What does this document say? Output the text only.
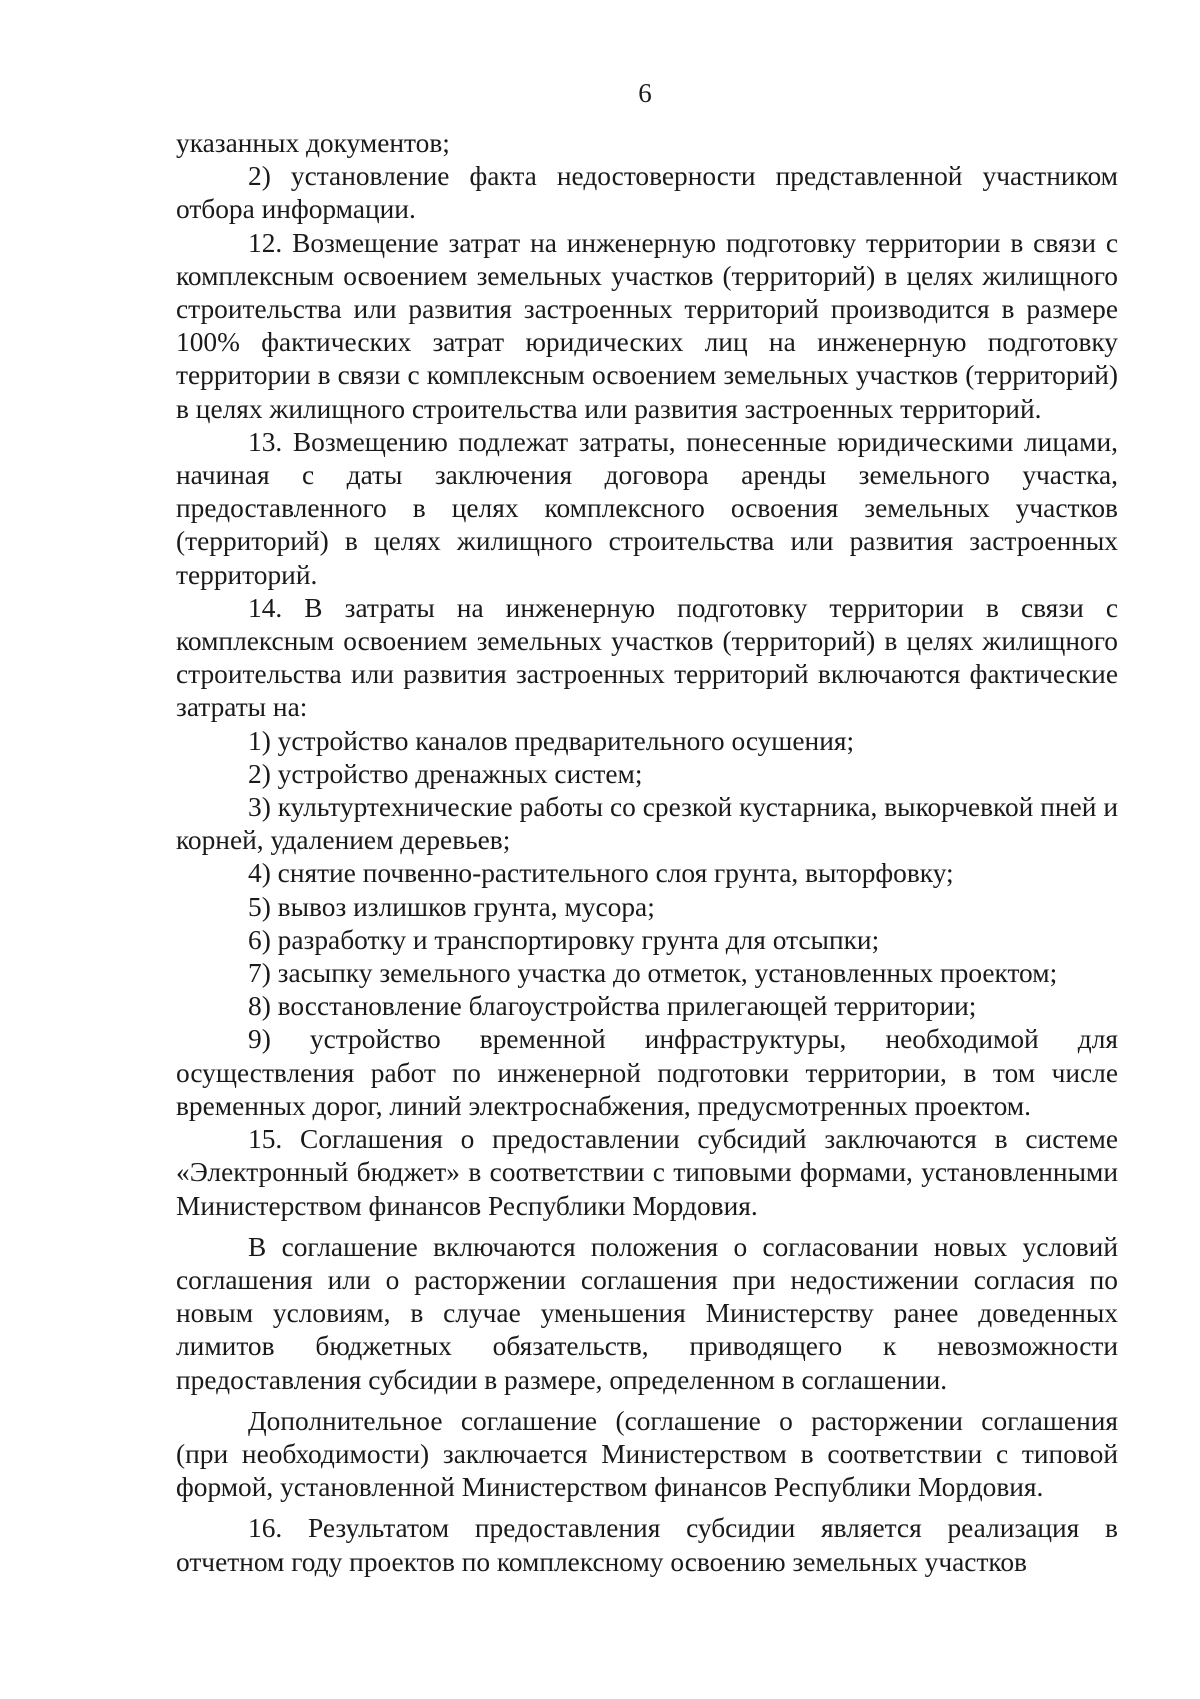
6

указанных документов;

2) установление факта недостоверности представленной участником отбора информации.

12. Возмещение затрат на инженерную подготовку территории в связи с комплексным освоением земельных участков (территорий) в целях жилищного строительства или развития застроенных территорий производится в размере 100% фактических затрат юридических лиц на инженерную подготовку территории в связи с комплексным освоением земельных участков (территорий) в целях жилищного строительства или развития застроенных территорий.

13. Возмещению подлежат затраты, понесенные юридическими лицами, начиная с даты заключения договора аренды земельного участка, предоставленного в целях комплексного освоения земельных участков (территорий) в целях жилищного строительства или развития застроенных территорий.

14. В затраты на инженерную подготовку территории в связи с комплексным освоением земельных участков (территорий) в целях жилищного строительства или развития застроенных территорий включаются фактические затраты на:

1) устройство каналов предварительного осушения;

2) устройство дренажных систем;

3) культуртехнические работы со срезкой кустарника, выкорчевкой пней и корней, удалением деревьев;

4) снятие почвенно-растительного слоя грунта, выторфовку;

5) вывоз излишков грунта, мусора;

6) разработку и транспортировку грунта для отсыпки;

7) засыпку земельного участка до отметок, установленных проектом;

8) восстановление благоустройства прилегающей территории;

9) устройство временной инфраструктуры, необходимой для осуществления работ по инженерной подготовки территории, в том числе временных дорог, линий электроснабжения, предусмотренных проектом.

15. Соглашения о предоставлении субсидий заключаются в системе «Электронный бюджет» в соответствии с типовыми формами, установленными Министерством финансов Республики Мордовия.

В соглашение включаются положения о согласовании новых условий соглашения или о расторжении соглашения при недостижении согласия по новым условиям, в случае уменьшения Министерству ранее доведенных лимитов бюджетных обязательств, приводящего к невозможности предоставления субсидии в размере, определенном в соглашении.

Дополнительное соглашение (соглашение о расторжении соглашения (при необходимости) заключается Министерством в соответствии с типовой формой, установленной Министерством финансов Республики Мордовия.

16. Результатом предоставления субсидии является реализация в отчетном году проектов по комплексному освоению земельных участков
